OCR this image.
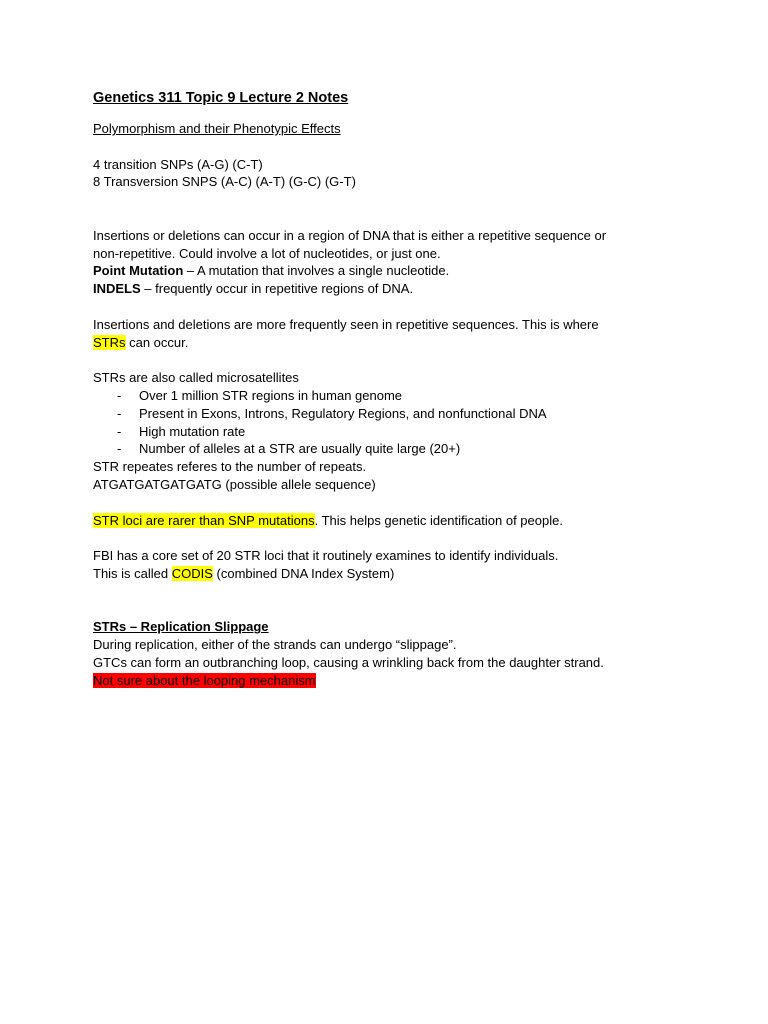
Genetics 311 Topic 9 Lecture 2 Notes

Polymorphism and their Phenotypic Effects

4 transition SNPs (A-G) (C-T)

8 Transversion SNPS (A-C) (A-T) (G-C) (G-T)

Insertions or deletions can occur in a region of DNA that is either a repetitive sequence or

non-repetitive. Could involve a lot of nucleotides, or just one.

Point Mutation – A mutation that involves a single nucleotide.

INDELS – frequently occur in repetitive regions of DNA.

Insertions and deletions are more frequently seen in repetitive sequences. This is where

STRs can occur.

STRs are also called microsatellites

- Over 1 million STR regions in human genome
- Present in Exons, Introns, Regulatory Regions, and nonfunctional DNA
- High mutation rate
- Number of alleles at a STR are usually quite large (20+)

STR repeates referes to the number of repeats.

ATGATGATGATGATG (possible allele sequence)

STR loci are rarer than SNP mutations. This helps genetic identification of people.

FBI has a core set of 20 STR loci that it routinely examines to identify individuals.

This is called CODIS (combined DNA Index System)

STRs – Replication Slippage

During replication, either of the strands can undergo “slippage”.

GTCs can form an outbranching loop, causing a wrinkling back from the daughter strand.

Not sure about the looping mechanism
